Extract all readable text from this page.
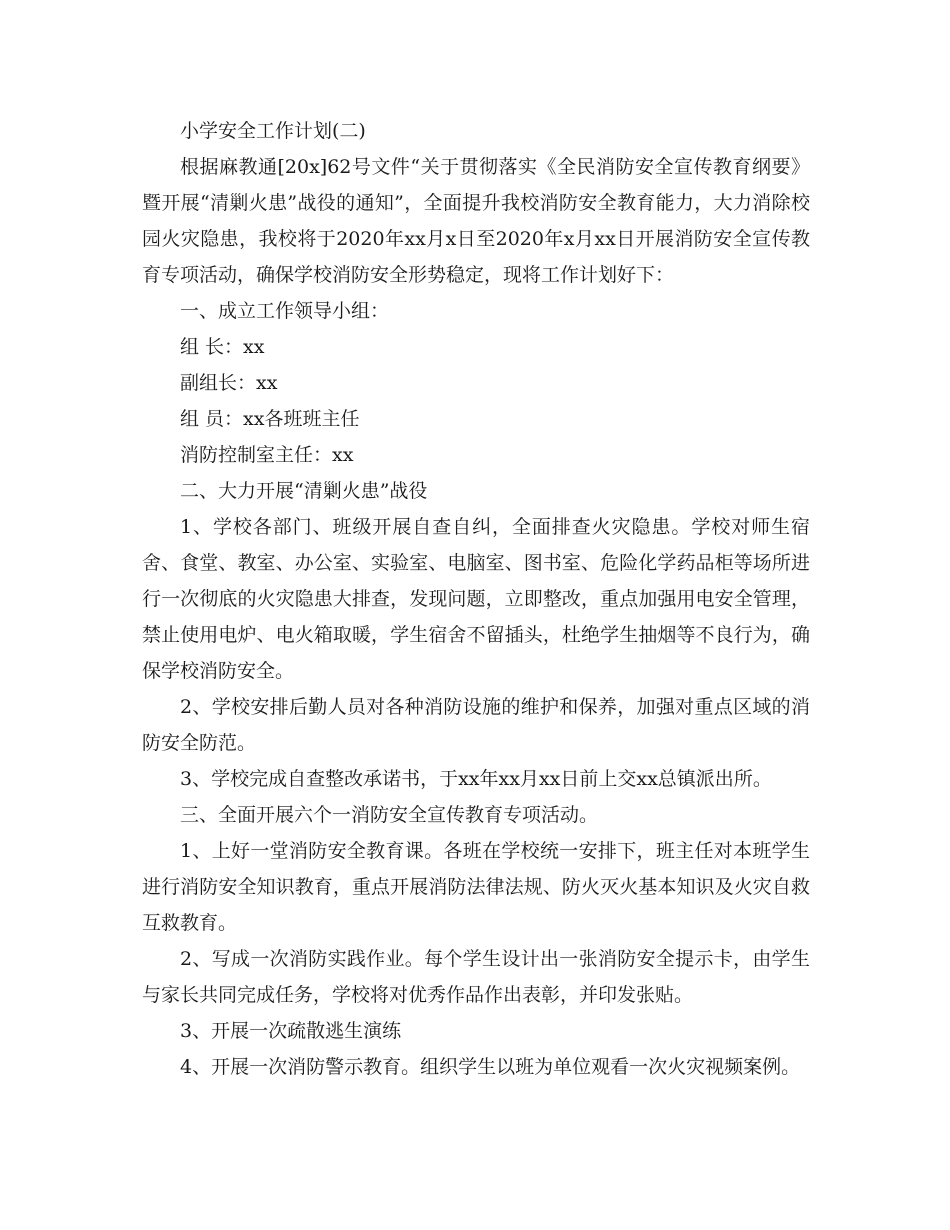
小学安全工作计划(二)

根据麻教通[20x]62号文件“关于贯彻落实《全民消防安全宣传教育纲要》暨开展“清剿火患”战役的通知”，全面提升我校消防安全教育能力，大力消除校园火灾隐患，我校将于2020年xx月x日至2020年x月xx日开展消防安全宣传教育专项活动，确保学校消防安全形势稳定，现将工作计划好下：

一、成立工作领导小组：

组 长：xx

副组长：xx

组 员：xx各班班主任

消防控制室主任：xx

二、大力开展“清剿火患”战役

1、学校各部门、班级开展自查自纠，全面排查火灾隐患。学校对师生宿舍、食堂、教室、办公室、实验室、电脑室、图书室、危险化学药品柜等场所进行一次彻底的火灾隐患大排查，发现问题，立即整改，重点加强用电安全管理，禁止使用电炉、电火箱取暖，学生宿舍不留插头，杜绝学生抽烟等不良行为，确保学校消防安全。

2、学校安排后勤人员对各种消防设施的维护和保养，加强对重点区域的消防安全防范。

3、学校完成自查整改承诺书，于xx年xx月xx日前上交xx总镇派出所。

三、全面开展六个一消防安全宣传教育专项活动。

1、上好一堂消防安全教育课。各班在学校统一安排下，班主任对本班学生进行消防安全知识教育，重点开展消防法律法规、防火灭火基本知识及火灾自救互救教育。

2、写成一次消防实践作业。每个学生设计出一张消防安全提示卡，由学生与家长共同完成任务，学校将对优秀作品作出表彰，并印发张贴。

3、开展一次疏散逃生演练

4、开展一次消防警示教育。组织学生以班为单位观看一次火灾视频案例。
